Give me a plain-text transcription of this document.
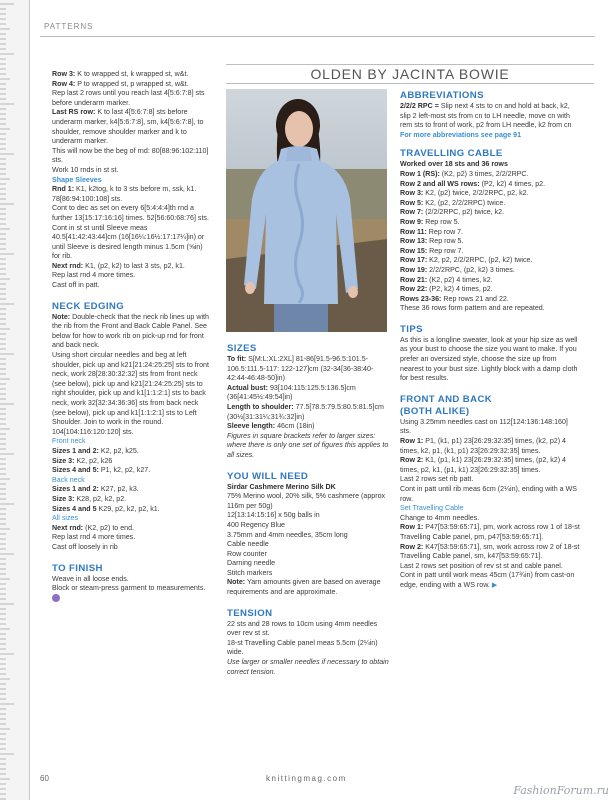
PATTERNS

Row 3: K to wrapped st, k wrapped st, w&t.

Row 4: P to wrapped st, p wrapped st, w&t.

Rep last 2 rows until you reach last 4[5:6:7:8] sts before underarm marker.

Last RS row: K to last 4[5:6:7:8] sts before underarm marker, k4[5:6:7:8], sm, k4[5:6:7:8], to shoulder, remove shoulder marker and k to underarm marker.

This will now be the beg of rnd: 80[88:96:102:110] sts.

Work 10 rnds in st st.

Shape Sleeves

Rnd 1: K1, k2tog, k to 3 sts before m, ssk, k1. 78[86:94:100:108] sts.

Cont to dec as set on every 6[5:4:4:4]th rnd a further 13[15:17:16:16] times. 52[56:60:68:76] sts.

Cont in st st until Sleeve meas 40.5[41:42:43:44]cm (16[16¼:16½:17:17¼]in) or until Sleeve is desired length minus 1.5cm (⅝in) for rib.

Next rnd: K1, (p2, k2) to last 3 sts, p2, k1.

Rep last rnd 4 more times.

Cast off in patt.

NECK EDGING

Note: Double-check that the neck rib lines up with the rib from the Front and Back Cable Panel. See below for how to work rib on pick-up rnd for front and back neck.

Using short circular needles and beg at left shoulder, pick up and k21[21:24:25:25] sts to front neck, work 28[28:30:32:32] sts from front neck (see below), pick up and k21[21:24:25:25] sts to right shoulder, pick up and k1[1:1:2:1] sts to back neck, work 32[32:34:36:36] sts from back neck (see below), pick up and k1[1:1:2:1] sts to Left Shoulder. Join to work in the round. 104[104:116:120:120] sts.

Front neck

Sizes 1 and 2: K2, p2, k25.

Size 3: K2, p2, k26

Sizes 4 and 5: P1, k2, p2, k27.

Back neck

Sizes 1 and 2: K27, p2, k3.

Size 3: K28, p2, k2, p2.

Sizes 4 and 5 K29, p2, k2, p2, k1.

All sizes

Next rnd: (K2, p2) to end.

Rep last rnd 4 more times.

Cast off loosely in rib

TO FINISH

Weave in all loose ends.

Block or steam-press garment to measurements.

OLDEN BY JACINTA BOWIE

SIZES

To fit: S[M:L:XL:2XL] 81-86[91.5-96.5:101.5-106.5:111.5-117: 122-127]cm (32-34[36-38:40-42:44-46:48-50]in)

Actual bust: 93[104:115:125.5:136.5]cm (36[41:45½:49:54]in)

Length to shoulder: 77.5[78.5:79.5:80.5:81.5]cm (30½[31:31¼:31¾:32]in)

Sleeve length: 46cm (18in)

Figures in square brackets refer to larger sizes: where there is only one set of figures this applies to all sizes.

YOU WILL NEED

Sirdar Cashmere Merino Silk DK

75% Merino wool, 20% silk, 5% cashmere (approx 116m per 50g)

12[13:14:15:16] x 50g balls in

400 Regency Blue

3.75mm and 4mm needles, 35cm long

Cable needle

Row counter

Darning needle

Stitch markers

Note: Yarn amounts given are based on average requirements and are approximate.

TENSION

22 sts and 28 rows to 10cm using 4mm needles over rev st st.

18-st Travelling Cable panel meas 5.5cm (2¼in) wide.

Use larger or smaller needles if necessary to obtain correct tension.

ABBREVIATIONS

2/2/2 RPC = Slip next 4 sts to cn and hold at back, k2, slip 2 left-most sts from cn to LH needle, move cn with rem sts to front of work, p2 from LH needle, k2 from cn

For more abbreviations see page 91

TRAVELLING CABLE

Worked over 18 sts and 36 rows

Row 1 (RS): (K2, p2) 3 times, 2/2/2RPC.

Row 2 and all WS rows: (P2, k2) 4 times, p2.

Row 3: K2, (p2) twice, 2/2/2RPC, p2, k2.

Row 5: K2, (p2, 2/2/2RPC) twice.

Row 7: (2/2/2RPC, p2) twice, k2.

Row 9: Rep row 5.

Row 11: Rep row 7.

Row 13: Rep row 5.

Row 15: Rep row 7.

Row 17: K2, p2, 2/2/2RPC, (p2, k2) twice.

Row 19: 2/2/2RPC, (p2, k2) 3 times.

Row 21: (K2, p2) 4 times, k2.

Row 22: (P2, k2) 4 times, p2.

Rows 23-36: Rep rows 21 and 22.

These 36 rows form pattern and are repeated.

TIPS

As this is a longline sweater, look at your hip size as well as your bust to choose the size you want to make. If you prefer an oversized style, choose the size up from nearest to your bust size. Lightly block with a damp cloth for best results.

FRONT AND BACK
(BOTH ALIKE)

Using 3.25mm needles cast on 112[124:136:148:160] sts.

Row 1: P1, (k1, p1) 23[26:29:32:35] times, (k2, p2) 4 times, k2, p1, (k1, p1) 23[26:29:32:35] times.

Row 2: K1, (p1, k1) 23[26:29:32:35] times, (p2, k2) 4 times, p2, k1, (p1, k1) 23[26:29:32:35] times.

Last 2 rows set rib patt.

Cont in patt until rib meas 6cm (2¼in), ending with a WS row.

Set Travelling Cable

Change to 4mm needles.

Row 1: P47[53:59:65:71], pm, work across row 1 of 18-st Travelling Cable panel, pm, p47[53:59:65:71].

Row 2: K47[53:59:65:71], sm, work across row 2 of 18-st Travelling Cable panel, sm, k47[53:59:65:71].

Last 2 rows set position of rev st st and cable panel.

Cont in patt until work meas 45cm (17¾in) from cast-on edge, ending with a WS row. ▶

60	knittingmag.com
FashionForum.ru
